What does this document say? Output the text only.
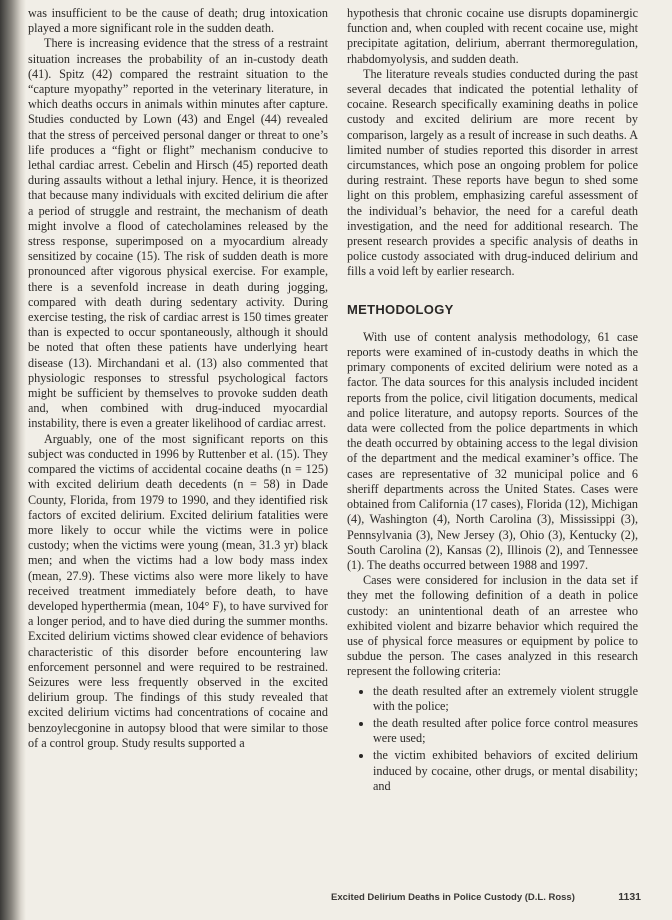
was insufficient to be the cause of death; drug intoxication played a more significant role in the sudden death.

There is increasing evidence that the stress of a restraint situation increases the probability of an in-custody death (41). Spitz (42) compared the restraint situation to the “capture myopathy” reported in the veterinary literature, in which deaths occurs in animals within minutes after capture. Studies conducted by Lown (43) and Engel (44) revealed that the stress of perceived personal danger or threat to one’s life produces a “fight or flight” mechanism conducive to lethal cardiac arrest. Cebelin and Hirsch (45) reported death during assaults without a lethal injury. Hence, it is theorized that because many individuals with excited delirium die after a period of struggle and restraint, the mechanism of death might involve a flood of catecholamines released by the stress response, superimposed on a myocardium already sensitized by cocaine (15). The risk of sudden death is more pronounced after vigorous physical exercise. For example, there is a sevenfold increase in death during jogging, compared with death during sedentary activity. During exercise testing, the risk of cardiac arrest is 150 times greater than is expected to occur spontaneously, although it should be noted that often these patients have underlying heart disease (13). Mirchandani et al. (13) also commented that physiologic responses to stressful psychological factors might be sufficient by themselves to provoke sudden death and, when combined with drug-induced myocardial instability, there is even a greater likelihood of cardiac arrest.

Arguably, one of the most significant reports on this subject was conducted in 1996 by Ruttenber et al. (15). They compared the victims of accidental cocaine deaths (n = 125) with excited delirium death decedents (n = 58) in Dade County, Florida, from 1979 to 1990, and they identified risk factors of excited delirium. Excited delirium fatalities were more likely to occur while the victims were in police custody; when the victims were young (mean, 31.3 yr) black men; and when the victims had a low body mass index (mean, 27.9). These victims also were more likely to have received treatment immediately before death, to have developed hyperthermia (mean, 104° F), to have survived for a longer period, and to have died during the summer months. Excited delirium victims showed clear evidence of behaviors characteristic of this disorder before encountering law enforcement personnel and were required to be restrained. Seizures were less frequently observed in the excited delirium group. The findings of this study revealed that excited delirium victims had concentrations of cocaine and benzoylecgonine in autopsy blood that were similar to those of a control group. Study results supported a

hypothesis that chronic cocaine use disrupts dopaminergic function and, when coupled with recent cocaine use, might precipitate agitation, delirium, aberrant thermoregulation, rhabdomyolysis, and sudden death.

The literature reveals studies conducted during the past several decades that indicated the potential lethality of cocaine. Research specifically examining deaths in police custody and excited delirium are more recent by comparison, largely as a result of increase in such deaths. A limited number of studies reported this disorder in arrest circumstances, which pose an ongoing problem for police during restraint. These reports have begun to shed some light on this problem, emphasizing careful assessment of the individual’s behavior, the need for a careful death investigation, and the need for additional research. The present research provides a specific analysis of deaths in police custody associated with drug-induced delirium and fills a void left by earlier research.

METHODOLOGY

With use of content analysis methodology, 61 case reports were examined of in-custody deaths in which the primary components of excited delirium were noted as a factor. The data sources for this analysis included incident reports from the police, civil litigation documents, medical and police literature, and autopsy reports. Sources of the data were collected from the police departments in which the death occurred by obtaining access to the legal division of the department and the medical examiner’s office. The cases are representative of 32 municipal police and 6 sheriff departments across the United States. Cases were obtained from California (17 cases), Florida (12), Michigan (4), Washington (4), North Carolina (3), Mississippi (3), Pennsylvania (3), New Jersey (3), Ohio (3), Kentucky (2), South Carolina (2), Kansas (2), Illinois (2), and Tennessee (1). The deaths occurred between 1988 and 1997.

Cases were considered for inclusion in the data set if they met the following definition of a death in police custody: an unintentional death of an arrestee who exhibited violent and bizarre behavior which required the use of physical force measures or equipment by police to subdue the person. The cases analyzed in this research represent the following criteria:

• the death resulted after an extremely violent struggle with the police;
• the death resulted after police force control measures were used;
• the victim exhibited behaviors of excited delirium induced by cocaine, other drugs, or mental disability; and
Excited Delirium Deaths in Police Custody (D.L. Ross)	1131
